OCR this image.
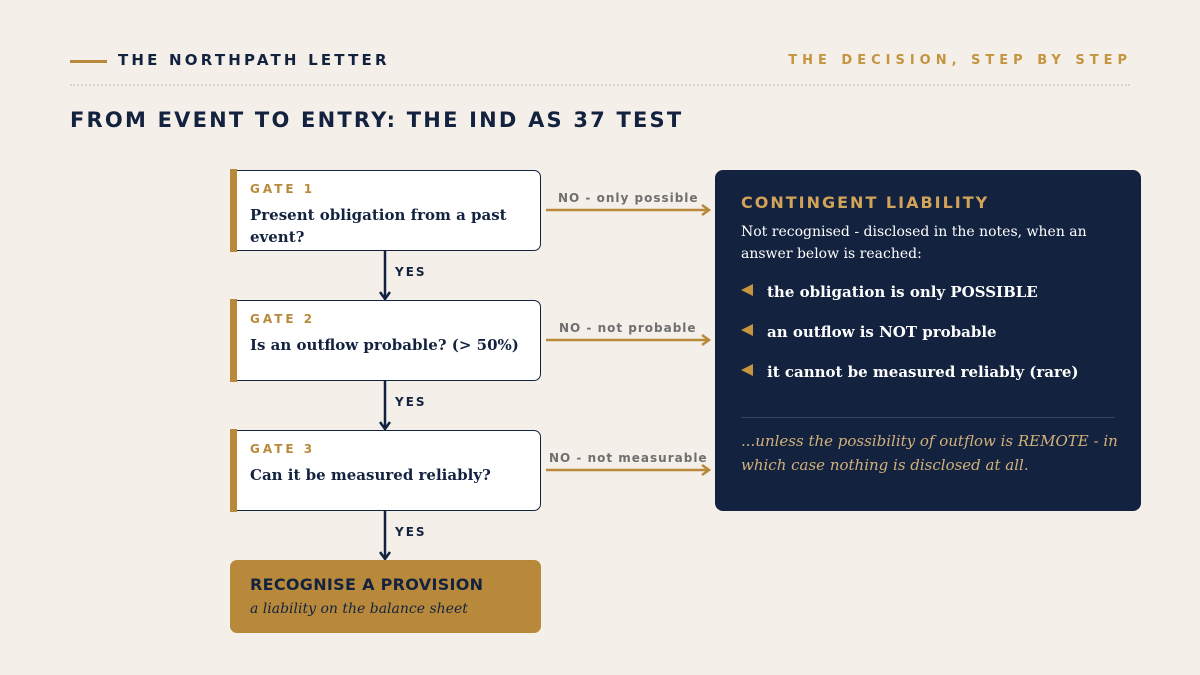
THE NORTHPATH LETTER	THE DECISION, STEP BY STEP
FROM EVENT TO ENTRY: THE IND AS 37 TEST
GATE 1
Present obligation from a past event?
GATE 2
Is an outflow probable? (> 50%)
GATE 3
Can it be measured reliably?
YES
YES
YES
NO - only possible
NO - not probable
NO - not measurable
RECOGNISE A PROVISION
a liability on the balance sheet
CONTINGENT LIABILITY
Not recognised - disclosed in the notes, when an answer below is reached:
the obligation is only POSSIBLE
an outflow is NOT probable
it cannot be measured reliably (rare)
...unless the possibility of outflow is REMOTE - in which case nothing is disclosed at all.
